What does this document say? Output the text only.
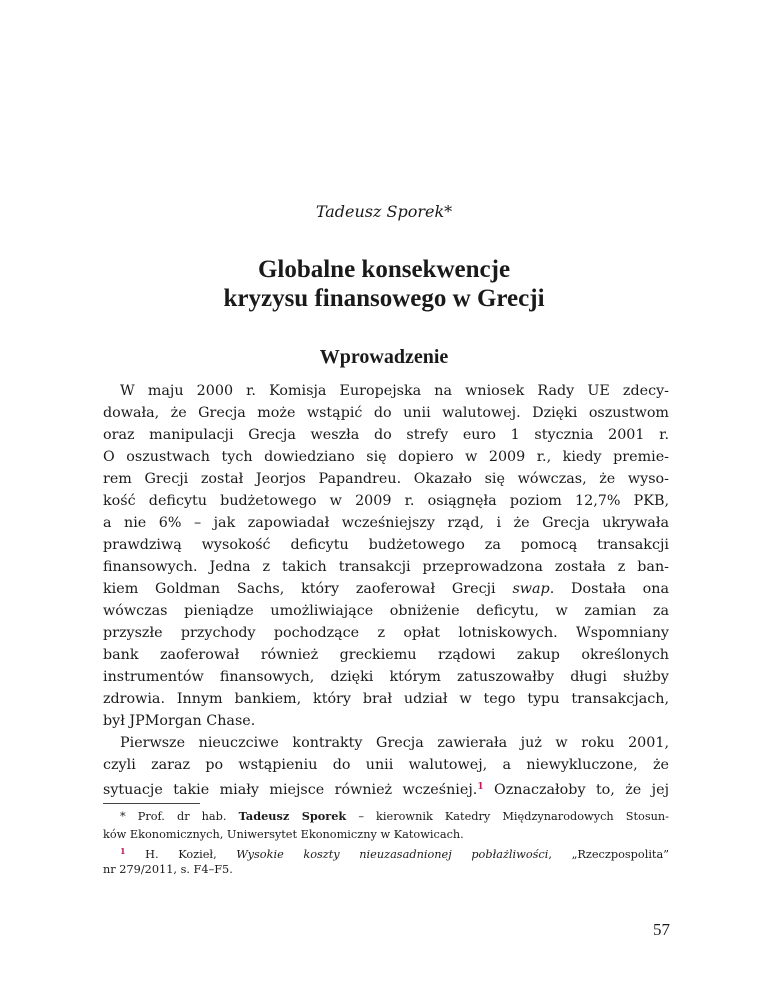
Tadeusz Sporek*
Globalne konsekwencje
kryzysu finansowego w Grecji
Wprowadzenie
W maju 2000 r. Komisja Europejska na wniosek Rady UE zdecy-
dowała, że Grecja może wstąpić do unii walutowej. Dzięki oszustwom
oraz manipulacji Grecja weszła do strefy euro 1 stycznia 2001 r.
O oszustwach tych dowiedziano się dopiero w 2009 r., kiedy premie-
rem Grecji został Jeorjos Papandreu. Okazało się wówczas, że wyso-
kość deficytu budżetowego w 2009 r. osiągnęła poziom 12,7% PKB,
a nie 6% – jak zapowiadał wcześniejszy rząd, i że Grecja ukrywała
prawdziwą wysokość deficytu budżetowego za pomocą transakcji
finansowych. Jedna z takich transakcji przeprowadzona została z ban-
kiem Goldman Sachs, który zaoferował Grecji swap. Dostała ona
wówczas pieniądze umożliwiające obniżenie deficytu, w zamian za
przyszłe przychody pochodzące z opłat lotniskowych. Wspomniany
bank zaoferował również greckiemu rządowi zakup określonych
instrumentów finansowych, dzięki którym zatuszowałby długi służby
zdrowia. Innym bankiem, który brał udział w tego typu transakcjach,
był JPMorgan Chase.
Pierwsze nieuczciwe kontrakty Grecja zawierała już w roku 2001,
czyli zaraz po wstąpieniu do unii walutowej, a niewykluczone, że
sytuacje takie miały miejsce również wcześniej.$^1$ Oznaczałoby to, że jej
* Prof. dr hab. Tadeusz Sporek – kierownik Katedry Międzynarodowych Stosun-
ków Ekonomicznych, Uniwersytet Ekonomiczny w Katowicach.
$^1$ H. Kozieł, Wysokie koszty nieuzasadnionej pobłażliwości, „Rzeczpospolita”
nr 279/2011, s. F4–F5.
57
